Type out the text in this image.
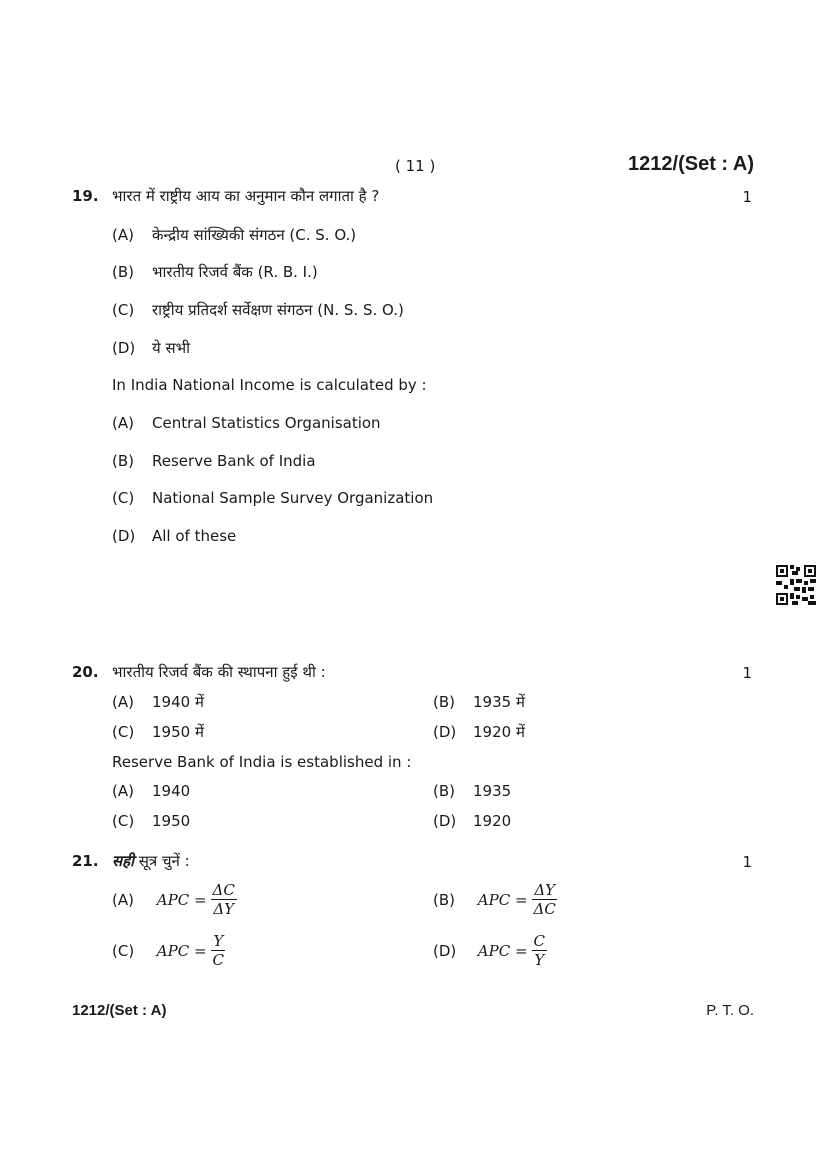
( 11 )	1212/(Set : A)
19. भारत में राष्ट्रीय आय का अनुमान कौन लगाता है ?	1
(A) केन्द्रीय सांख्यिकी संगठन (C. S. O.)
(B) भारतीय रिजर्व बैंक (R. B. I.)
(C) राष्ट्रीय प्रतिदर्श सर्वेक्षण संगठन (N. S. S. O.)
(D) ये सभी
In India National Income is calculated by :
(A) Central Statistics Organisation
(B) Reserve Bank of India
(C) National Sample Survey Organization
(D) All of these
20. भारतीय रिजर्व बैंक की स्थापना हुई थी :	1
(A) 1940 में	(B) 1935 में
(C) 1950 में	(D) 1920 में
Reserve Bank of India is established in :
(A) 1940	(B) 1935
(C) 1950	(D) 1920
21. सही सूत्र चुनें :	1
(A) APC = $\frac{\Delta C}{\Delta Y}$	(B) APC = $\frac{\Delta Y}{\Delta C}$
(C) APC = $\frac{Y}{C}$	(D) APC = $\frac{C}{Y}$
1212/(Set : A)	P. T. O.
